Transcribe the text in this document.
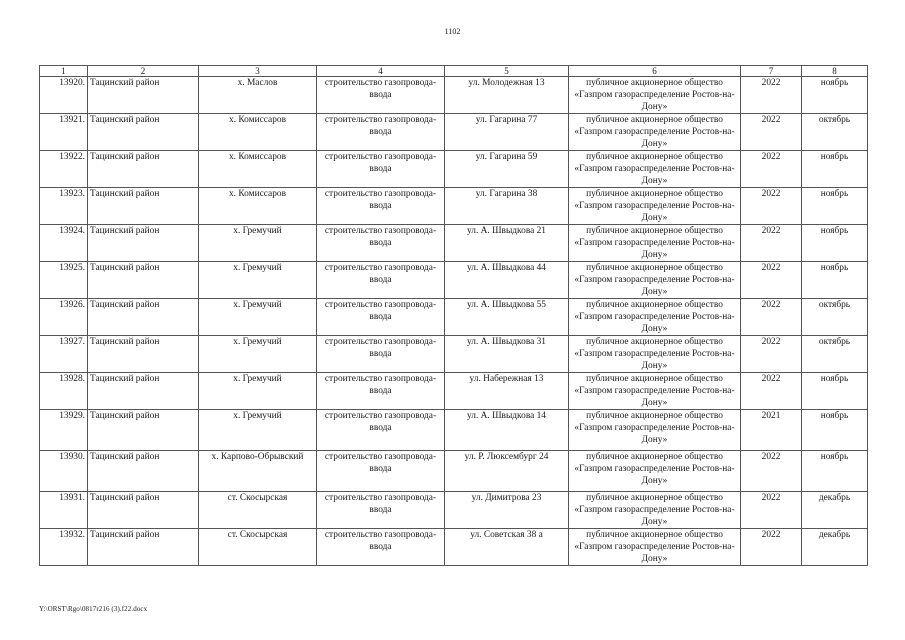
1102
1	2	3	4	5	6	7	8
13920.	Тацинский район	х. Маслов	строительство газопровода-ввода	ул. Молодежная 13	публичное акционерное общество «Газпром газораспределение Ростов-на-Дону»	2022	ноябрь
13921.	Тацинский район	х. Комиссаров	строительство газопровода-ввода	ул. Гагарина 77	публичное акционерное общество «Газпром газораспределение Ростов-на-Дону»	2022	октябрь
13922.	Тацинский район	х. Комиссаров	строительство газопровода-ввода	ул. Гагарина 59	публичное акционерное общество «Газпром газораспределение Ростов-на-Дону»	2022	ноябрь
13923.	Тацинский район	х. Комиссаров	строительство газопровода-ввода	ул. Гагарина 38	публичное акционерное общество «Газпром газораспределение Ростов-на-Дону»	2022	ноябрь
13924.	Тацинский район	х. Гремучий	строительство газопровода-ввода	ул. А. Швыдкова 21	публичное акционерное общество «Газпром газораспределение Ростов-на-Дону»	2022	ноябрь
13925.	Тацинский район	х. Гремучий	строительство газопровода-ввода	ул. А. Швыдкова 44	публичное акционерное общество «Газпром газораспределение Ростов-на-Дону»	2022	ноябрь
13926.	Тацинский район	х. Гремучий	строительство газопровода-ввода	ул. А. Швыдкова 55	публичное акционерное общество «Газпром газораспределение Ростов-на-Дону»	2022	октябрь
13927.	Тацинский район	х. Гремучий	строительство газопровода-ввода	ул. А. Швыдкова 31	публичное акционерное общество «Газпром газораспределение Ростов-на-Дону»	2022	октябрь
13928.	Тацинский район	х. Гремучий	строительство газопровода-ввода	ул. Набережная 13	публичное акционерное общество «Газпром газораспределение Ростов-на-Дону»	2022	ноябрь
13929.	Тацинский район	х. Гремучий	строительство газопровода-ввода	ул. А. Швыдкова 14	публичное акционерное общество «Газпром газораспределение Ростов-на-Дону»	2021	ноябрь
13930.	Тацинский район	х. Карпово-Обрывский	строительство газопровода-ввода	ул. Р. Люксембург 24	публичное акционерное общество «Газпром газораспределение Ростов-на-Дону»	2022	ноябрь
13931.	Тацинский район	ст. Скосырская	строительство газопровода-ввода	ул. Димитрова 23	публичное акционерное общество «Газпром газораспределение Ростов-на-Дону»	2022	декабрь
13932.	Тацинский район	ст. Скосырская	строительство газопровода-ввода	ул. Советская 38 а	публичное акционерное общество «Газпром газораспределение Ростов-на-Дону»	2022	декабрь
Y:\ORST\Rgo\0817r216 (3).f22.docx
